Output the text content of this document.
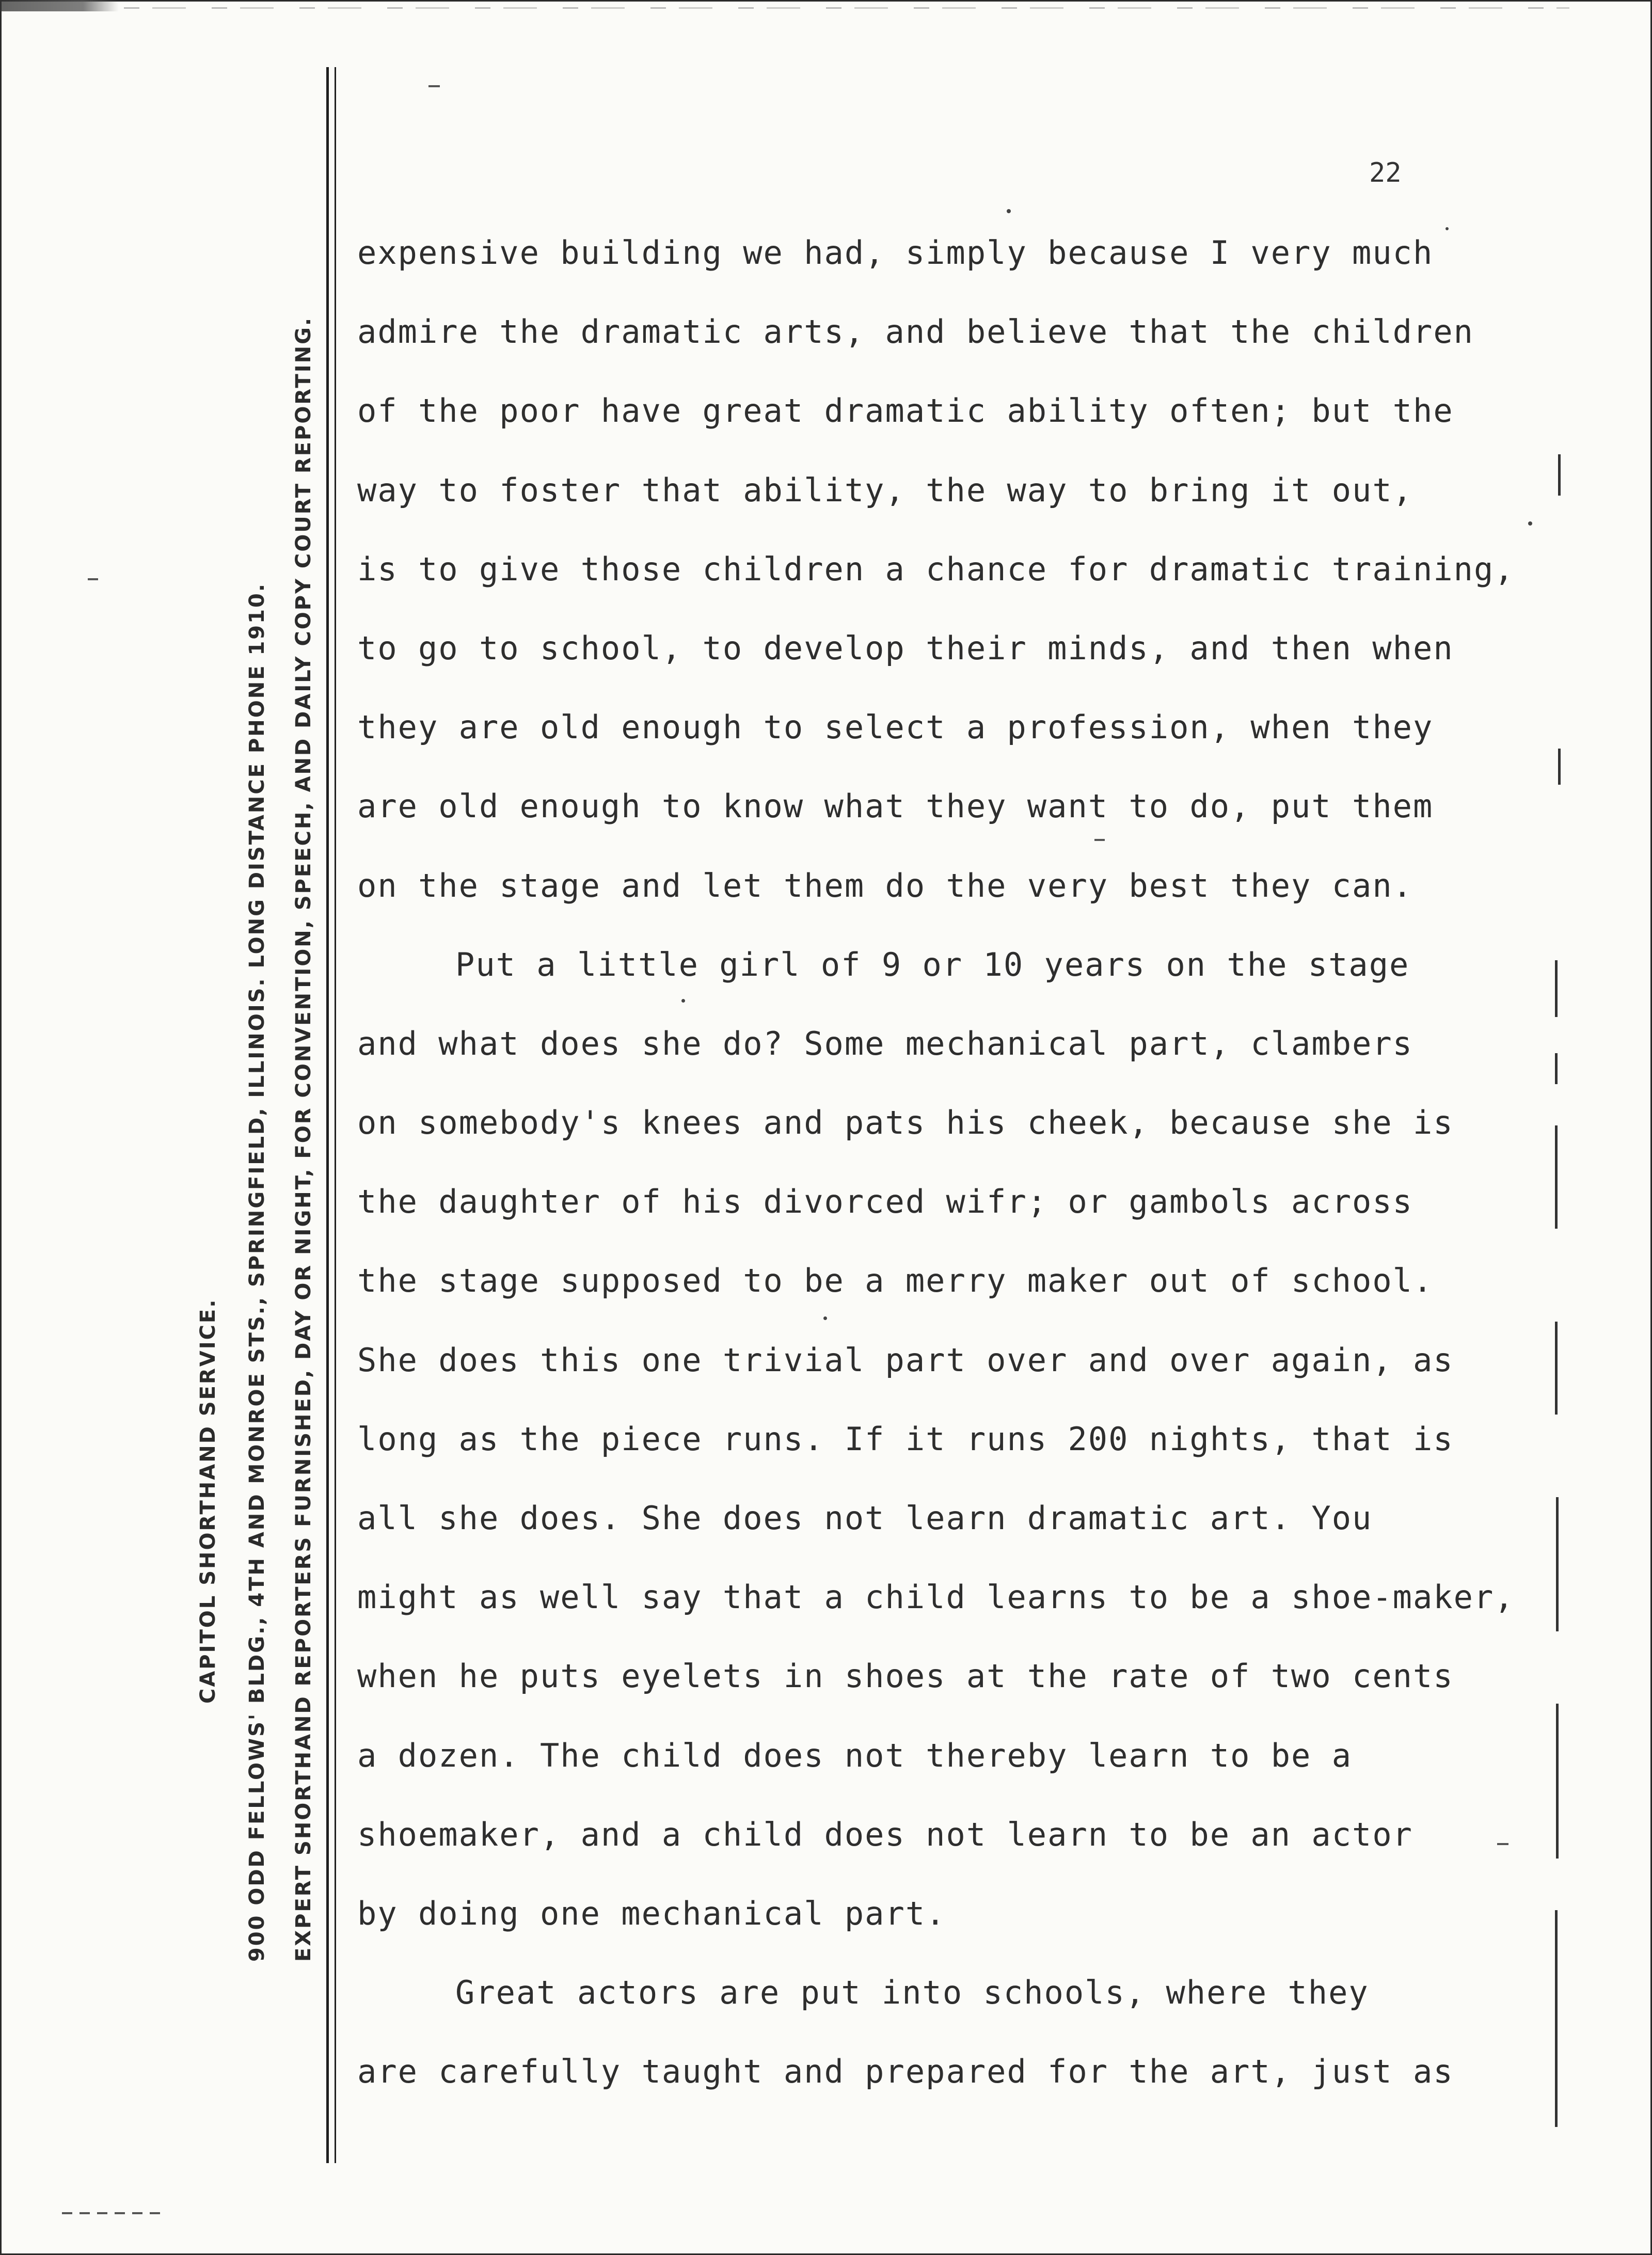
CAPITOL SHORTHAND SERVICE. 900 ODD FELLOWS' BLDG., 4TH AND MONROE STS., SPRINGFIELD, ILLINOIS. LONG DISTANCE PHONE 1910. EXPERT SHORTHAND REPORTERS FURNISHED, DAY OR NIGHT, FOR CONVENTION, SPEECH, AND DAILY COPY COURT REPORTING.
22
expensive building we had, simply because I very much
admire the dramatic arts, and believe that the children
of the poor have great dramatic ability often; but the
way to foster that ability, the way to bring it out,
is to give those children a chance for dramatic training,
to go to school, to develop their minds, and then when
they are old enough to select a profession, when they
are old enough to know what they want to do, put them
on the stage and let them do the very best they can.
Put a little girl of 9 or 10 years on the stage
and what does she do? Some mechanical part, clambers
on somebody's knees and pats his cheek, because she is
the daughter of his divorced wifr; or gambols across
the stage supposed to be a merry maker out of school.
She does this one trivial part over and over again, as
long as the piece runs. If it runs 200 nights, that is
all she does. She does not learn dramatic art. You
might as well say that a child learns to be a shoe-maker,
when he puts eyelets in shoes at the rate of two cents
a dozen. The child does not thereby learn to be a
shoemaker, and a child does not learn to be an actor
by doing one mechanical part.
Great actors are put into schools, where they
are carefully taught and prepared for the art, just as
